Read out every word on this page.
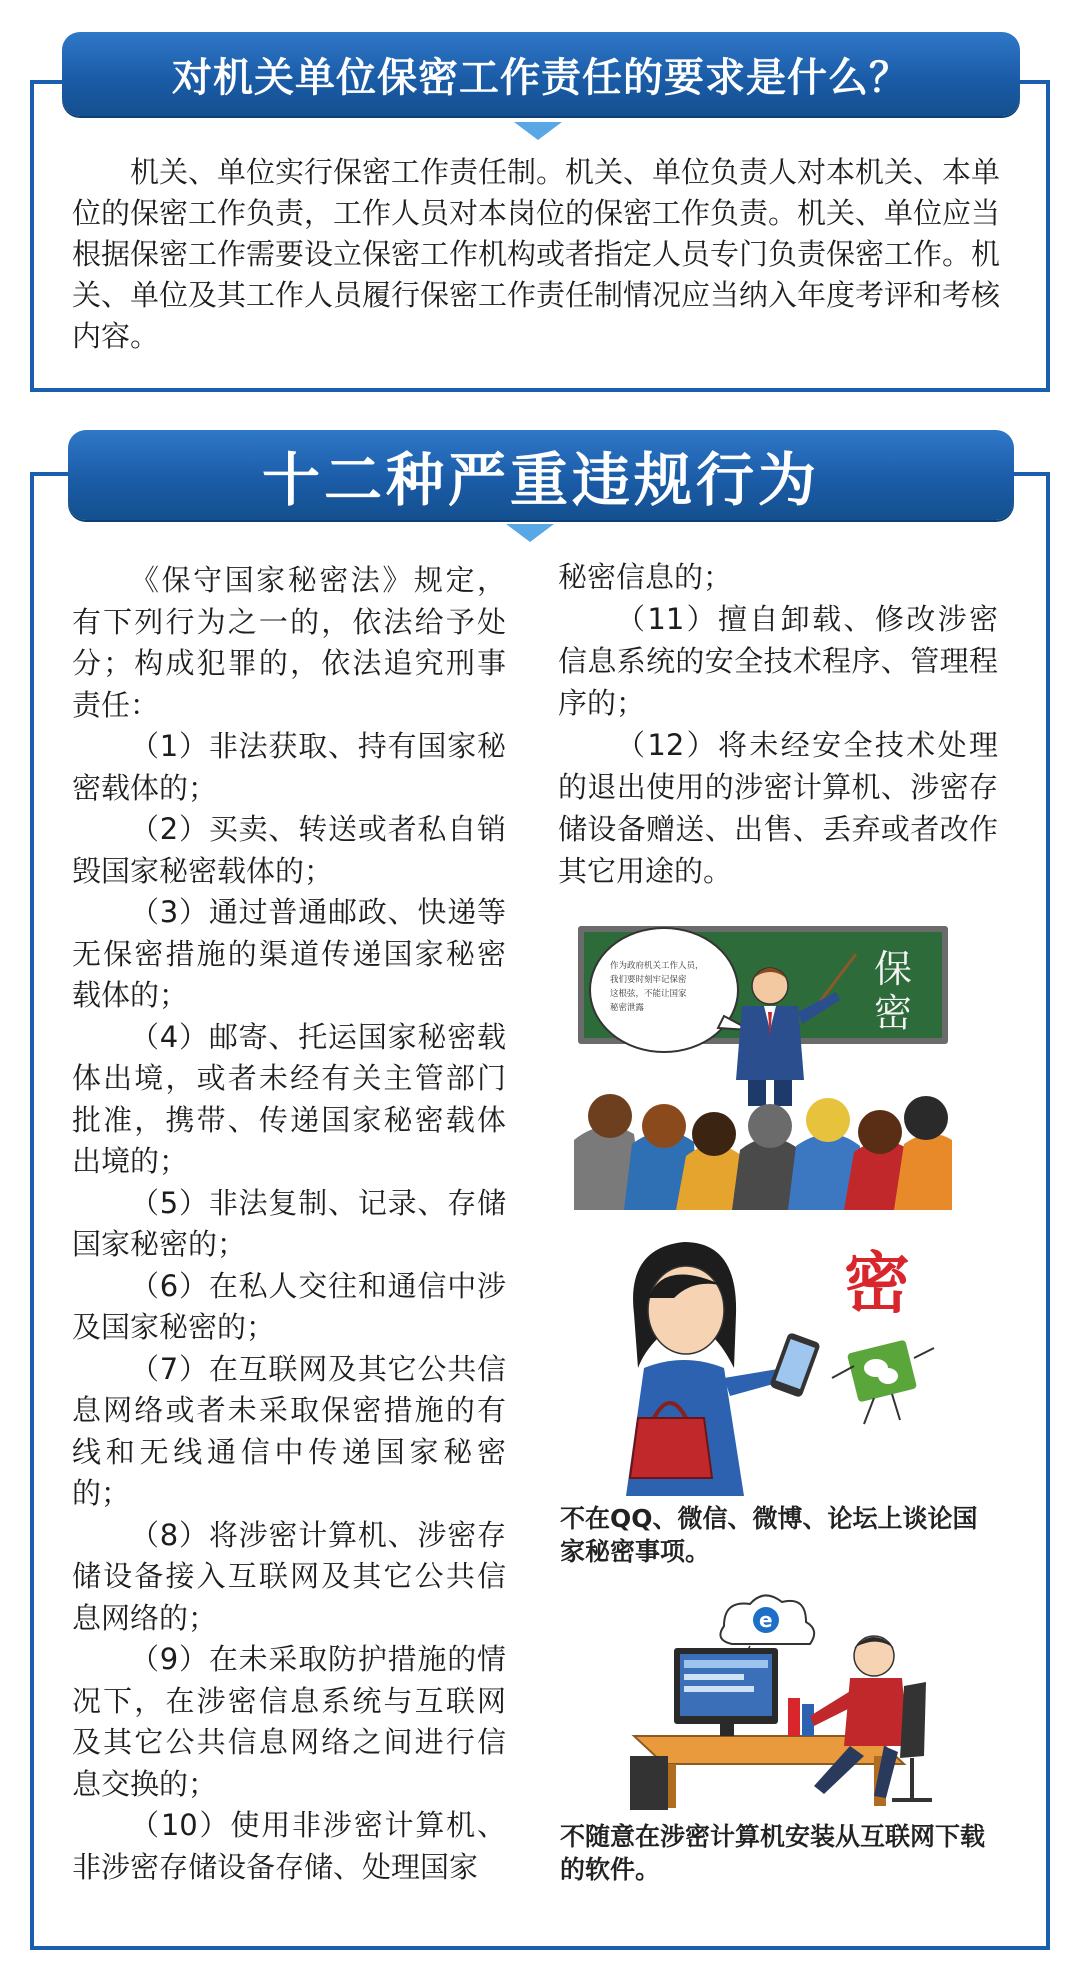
对机关单位保密工作责任的要求是什么？
机关、单位实行保密工作责任制。机关、单位负责人对本机关、本单位的保密工作负责，工作人员对本岗位的保密工作负责。机关、单位应当根据保密工作需要设立保密工作机构或者指定人员专门负责保密工作。机关、单位及其工作人员履行保密工作责任制情况应当纳入年度考评和考核内容。
十二种严重违规行为

《保守国家秘密法》规定，有下列行为之一的，依法给予处分；构成犯罪的，依法追究刑事责任：

（1）非法获取、持有国家秘密载体的；

（2）买卖、转送或者私自销毁国家秘密载体的；

（3）通过普通邮政、快递等无保密措施的渠道传递国家秘密载体的；

（4）邮寄、托运国家秘密载体出境，或者未经有关主管部门批准，携带、传递国家秘密载体出境的；

（5）非法复制、记录、存储国家秘密的；

（6）在私人交往和通信中涉及国家秘密的；

（7）在互联网及其它公共信息网络或者未采取保密措施的有线和无线通信中传递国家秘密的；

（8）将涉密计算机、涉密存储设备接入互联网及其它公共信息网络的；

（9）在未采取防护措施的情况下，在涉密信息系统与互联网及其它公共信息网络之间进行信息交换的；

（10）使用非涉密计算机、非涉密存储设备存储、处理国家

秘密信息的；

（11）擅自卸载、修改涉密信息系统的安全技术程序、管理程序的；

（12）将未经安全技术处理的退出使用的涉密计算机、涉密存储设备赠送、出售、丢弃或者改作其它用途的。

保
密
作为政府机关工作人员，
我们要时刻牢记保密
这根弦，不能让国家
秘密泄露
密
不在QQ、微信、微博、论坛上谈论国家秘密事项。
e
不随意在涉密计算机安装从互联网下载的软件。
